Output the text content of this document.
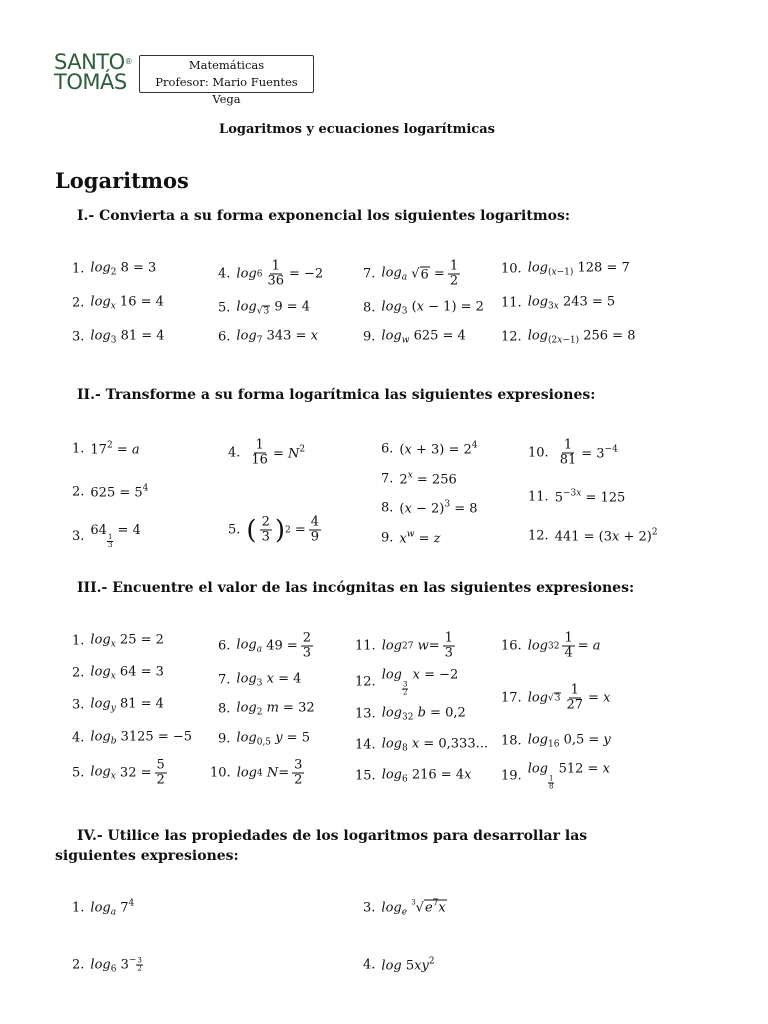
SANTO®
TOMÁS
Matemáticas
Profesor: Mario Fuentes Vega
Logaritmos y ecuaciones logarítmicas
Logaritmos
I.- Convierta a su forma exponencial los siguientes logaritmos:
1. $\log_2 8 = 3$
2. $\log_x 16 = 4$
3. $\log_3 81 = 4$
4. $\log 6 \frac{1}{36} = -2$
5. $\log_{√3} 9 = 4$
6. $\log_7 343 = x$
7. $\log_a$ √ $6 = \frac{1}{2}$
8. $\log_3 (x - 1) = 2$
9. $\log_w 625 = 4$
10. $\log_{(x-1)} 128 = 7$
11. $\log_{3x} 243 = 5$
12. $\log_{(2x-1)} 256 = 8$
II.- Transforme a su forma logarítmica las siguientes expresiones:
1. $17^2 = a$
2. $625 = 5^4$
3. 64
$\frac{1}{3}$
= 4
4. $\frac{1}{16} = N^2$
5. ( $\frac{2}{3}$ ) $2 = \frac{4}{9}$
6. $(x + 3) = 2^4$
7. $2^x = 256$
8. $(x - 2)^3 = 8$
9. $x^w = z$
10. $\frac{1}{81} = 3^{-4}$
11. $5^{-3x} = 125$
12. $441 = (3x + 2)^2$
III.- Encuentre el valor de las incógnitas en las siguientes expresiones:
1. $\log_x 25 = 2$
2. $\log_x 64 = 3$
3. $\log_y 81 = 4$
4. $\log_b 3125 = -5$
5. $\log_x 32 = \frac{5}{2}$
6. $\log_a 49 = \frac{2}{3}$
7. $\log_3 x = 4$
8. $\log_2 m = 32$
9. $\log_{0,5} y = 5$
10. log 4
$N = \frac{3}{2}$
11. log 27
$w = \frac{1}{3}$
12. log
$_{\frac{3}{2}}$
x = −2
13. $\log_{32} b = 0,2$
14. $\log_8 x = 0,333$...
15. $\log_6 216 = 4x$
16. $\log 32 \frac{1}{4} = a$
17. $\log √3 \frac{1}{27} = x$
18. $\log_{16} 0,5 = y$
19. log
$_{\frac{1}{8}}$
512 = x
IV.- Utilice las propiedades de los logaritmos para desarrollar las siguientes expresiones:
1. $\log_a 7^4$
2. $\log_6 3^{- \frac{3}{2}}$
3. $\log_e ^3√e^7x$
4. $\log 5xy^2$
